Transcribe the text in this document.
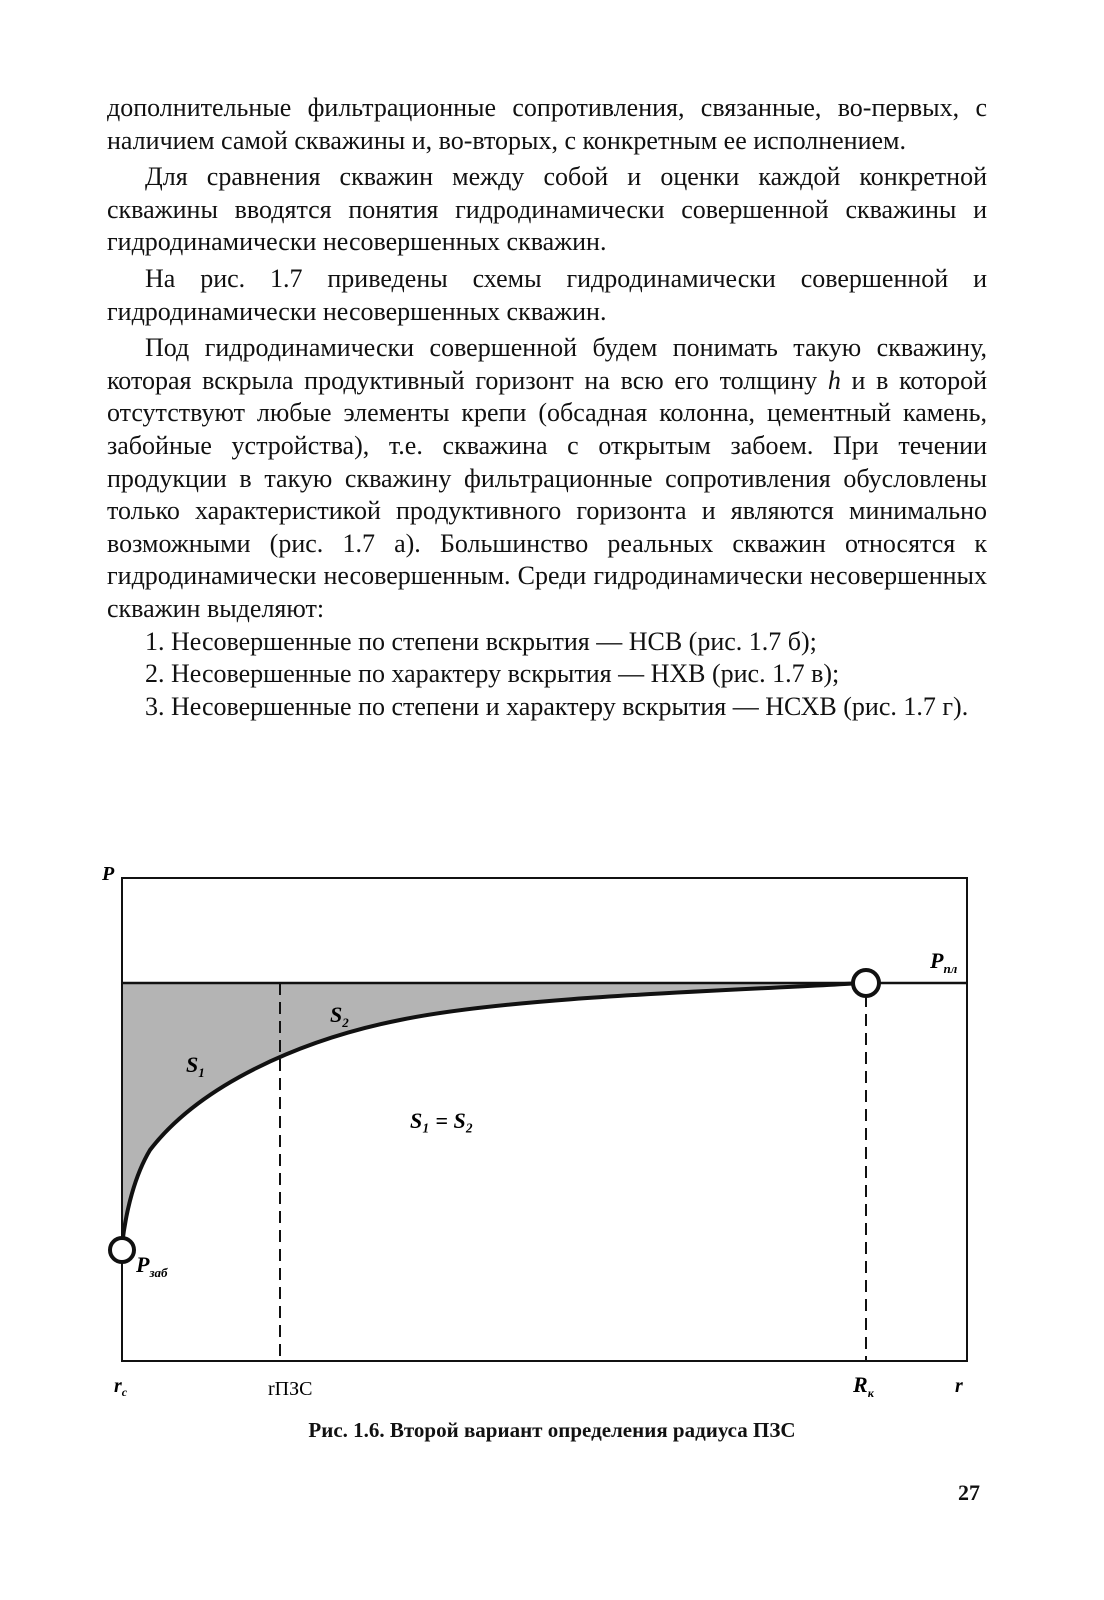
дополнительные фильтрационные сопротивления, связанные, во-первых, с наличием самой скважины и, во-вторых, с конкретным ее исполнением.

Для сравнения скважин между собой и оценки каждой конкретной скважины вводятся понятия гидродинамически совершенной скважины и гидродинамически несовершенных скважин.

На рис. 1.7 приведены схемы гидродинамически совершенной и гидродинамически несовершенных скважин.

Под гидродинамически совершенной будем понимать такую скважину, которая вскрыла продуктивный горизонт на всю его толщину h и в которой отсутствуют любые элементы крепи (обсадная колонна, цементный камень, забойные устройства), т.е. скважина с открытым забоем. При течении продукции в такую скважину фильтрационные сопротивления обусловлены только характеристикой продуктивного горизонта и являются минимально возможными (рис. 1.7 а). Большинство реальных скважин относятся к гидродинамически несовершенным. Среди гидродинамически несовершенных скважин выделяют:

1. Несовершенные по степени вскрытия — НСВ (рис. 1.7 б);

2. Несовершенные по характеру вскрытия — НХВ (рис. 1.7 в);

3. Несовершенные по степени и характеру вскрытия — НСХВ (рис. 1.7 г).

P
$P_{пл}$
$P_{заб}$
$S_1$
$S_2$
S₁ = S₂
$r_с$	rПЗС	$R_к$	r
Рис. 1.6. Второй вариант определения радиуса ПЗС
27
